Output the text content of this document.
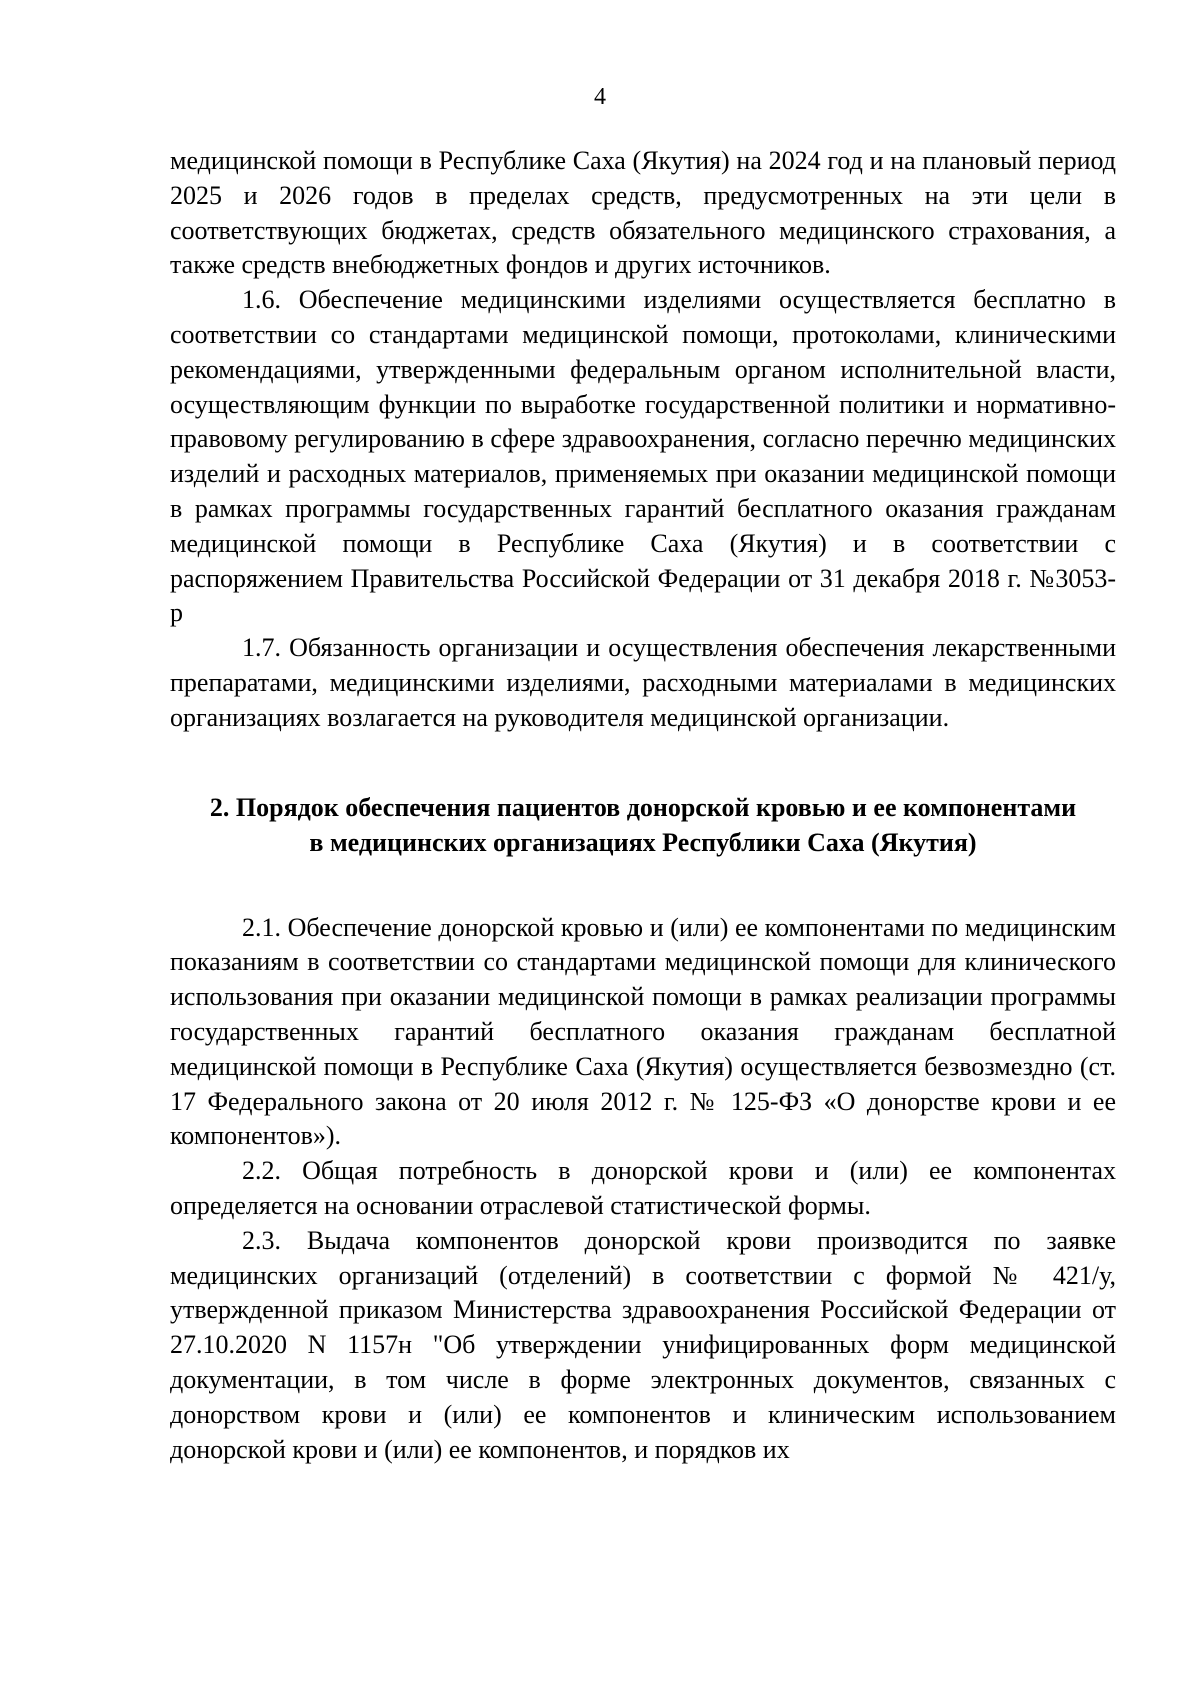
4

медицинской помощи в Республике Саха (Якутия) на 2024 год и на плановый период 2025 и 2026 годов в пределах средств, предусмотренных на эти цели в соответствующих бюджетах, средств обязательного медицинского страхования, а также средств внебюджетных фондов и других источников.

1.6. Обеспечение медицинскими изделиями осуществляется бесплатно в соответствии со стандартами медицинской помощи, протоколами, клиническими рекомендациями, утвержденными федеральным органом исполнительной власти, осуществляющим функции по выработке государственной политики и нормативно-правовому регулированию в сфере здравоохранения, согласно перечню медицинских изделий и расходных материалов, применяемых при оказании медицинской помощи в рамках программы государственных гарантий бесплатного оказания гражданам медицинской помощи в Республике Саха (Якутия) и в соответствии с распоряжением Правительства Российской Федерации от 31 декабря 2018 г. №3053-р

1.7. Обязанность организации и осуществления обеспечения лекарственными препаратами, медицинскими изделиями, расходными материалами в медицинских организациях возлагается на руководителя медицинской организации.

2. Порядок обеспечения пациентов донорской кровью и ее компонентами
в медицинских организациях Республики Саха (Якутия)

2.1. Обеспечение донорской кровью и (или) ее компонентами по медицинским показаниям в соответствии со стандартами медицинской помощи для клинического использования при оказании медицинской помощи в рамках реализации программы государственных гарантий бесплатного оказания гражданам бесплатной медицинской помощи в Республике Саха (Якутия) осуществляется безвозмездно (ст. 17 Федерального закона от 20 июля 2012 г. № 125-ФЗ «О донорстве крови и ее компонентов»).

2.2. Общая потребность в донорской крови и (или) ее компонентах определяется на основании отраслевой статистической формы.

2.3. Выдача компонентов донорской крови производится по заявке медицинских организаций (отделений) в соответствии с формой № 421/у, утвержденной приказом Министерства здравоохранения Российской Федерации от 27.10.2020 N 1157н "Об утверждении унифицированных форм медицинской документации, в том числе в форме электронных документов, связанных с донорством крови и (или) ее компонентов и клиническим использованием донорской крови и (или) ее компонентов, и порядков их
